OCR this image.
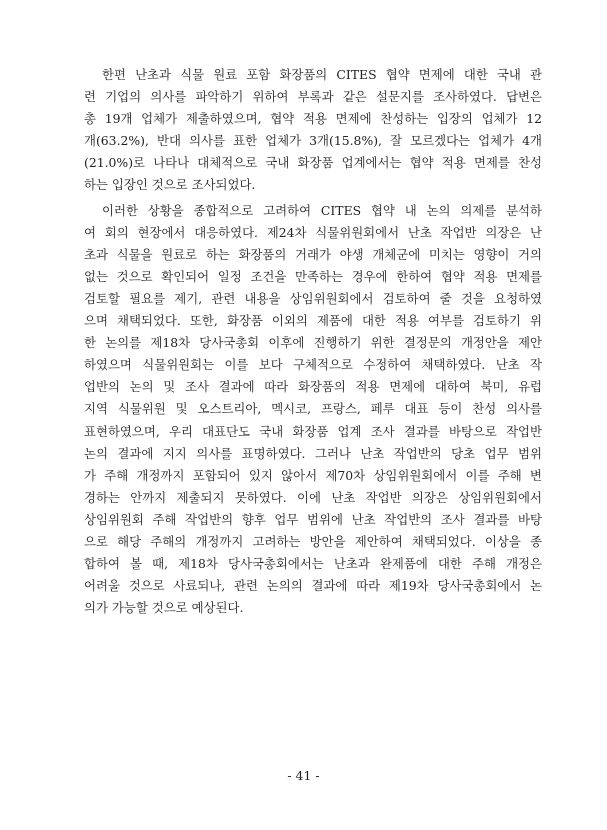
한편 난초과 식물 원료 포함 화장품의 CITES 협약 면제에 대한 국내 관
련 기업의 의사를 파악하기 위하여 부록과 같은 설문지를 조사하였다. 답변은
총 19개 업체가 제출하였으며, 협약 적용 면제에 찬성하는 입장의 업체가 12
개(63.2%), 반대 의사를 표한 업체가 3개(15.8%), 잘 모르겠다는 업체가 4개
(21.0%)로 나타나 대체적으로 국내 화장품 업계에서는 협약 적용 면제를 찬성
하는 입장인 것으로 조사되었다.
이러한 상황을 종합적으로 고려하여 CITES 협약 내 논의 의제를 분석하
여 회의 현장에서 대응하였다. 제24차 식물위원회에서 난초 작업반 의장은 난
초과 식물을 원료로 하는 화장품의 거래가 야생 개체군에 미치는 영향이 거의
없는 것으로 확인되어 일정 조건을 만족하는 경우에 한하여 협약 적용 면제를
검토할 필요를 제기, 관련 내용을 상임위원회에서 검토하여 줄 것을 요청하였
으며 채택되었다. 또한, 화장품 이외의 제품에 대한 적용 여부를 검토하기 위
한 논의를 제18차 당사국총회 이후에 진행하기 위한 결정문의 개정안을 제안
하였으며 식물위원회는 이를 보다 구체적으로 수정하여 채택하였다. 난초 작
업반의 논의 및 조사 결과에 따라 화장품의 적용 면제에 대하여 북미, 유럽
지역 식물위원 및 오스트리아, 멕시코, 프랑스, 페루 대표 등이 찬성 의사를
표현하였으며, 우리 대표단도 국내 화장품 업계 조사 결과를 바탕으로 작업반
논의 결과에 지지 의사를 표명하였다. 그러나 난초 작업반의 당초 업무 범위
가 주해 개정까지 포함되어 있지 않아서 제70차 상임위원회에서 이를 주해 변
경하는 안까지 제출되지 못하였다. 이에 난초 작업반 의장은 상임위원회에서
상임위원회 주해 작업반의 향후 업무 범위에 난초 작업반의 조사 결과를 바탕
으로 해당 주해의 개정까지 고려하는 방안을 제안하여 채택되었다. 이상을 종
합하여 볼 때, 제18차 당사국총회에서는 난초과 완제품에 대한 주해 개정은
어려울 것으로 사료되나, 관련 논의의 결과에 따라 제19차 당사국총회에서 논
의가 가능할 것으로 예상된다.
- 41 -
